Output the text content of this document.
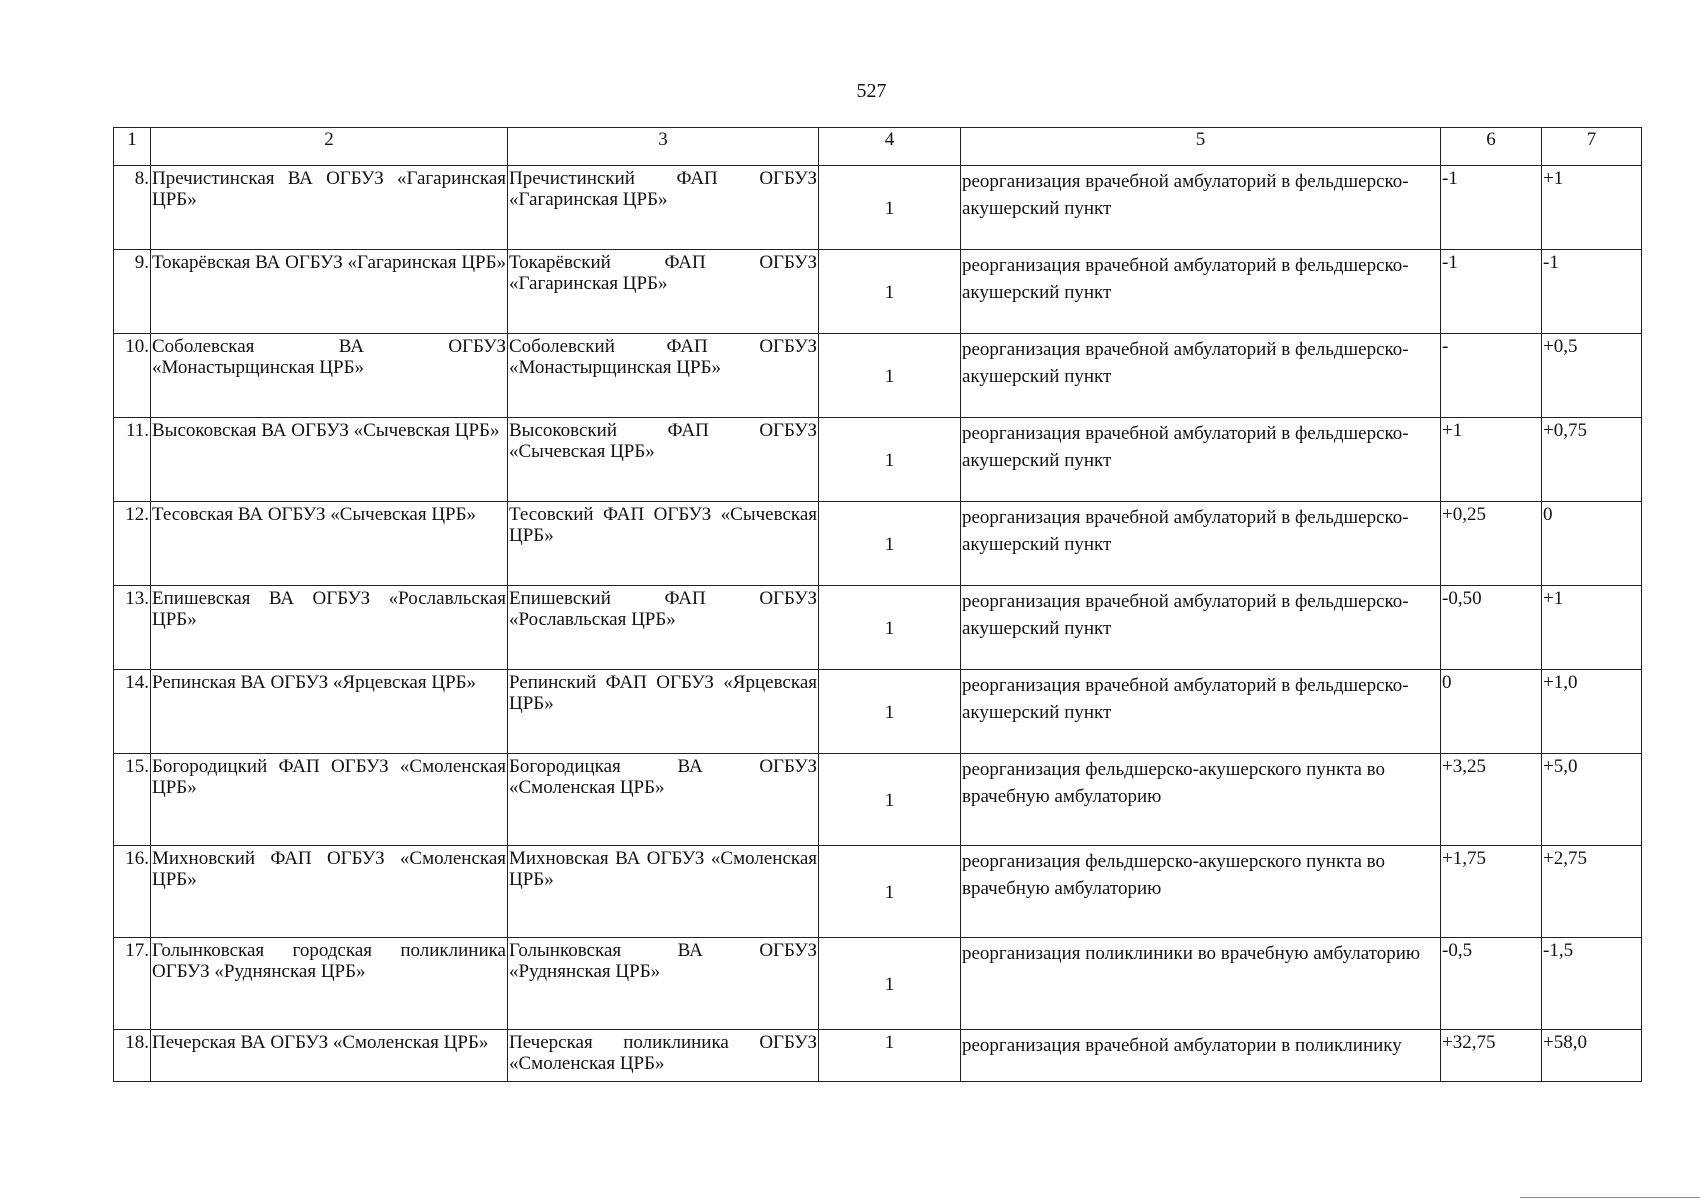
527
1	2	3	4	5	6	7
8.	Пречистинская ВА ОГБУЗ «Гагаринская ЦРБ»	Пречистинский ФАП ОГБУЗ «Гагаринская ЦРБ»	1	реорганизация врачебной амбулаторий в фельдшерско-акушерский пункт	-1	+1
9.	Токарёвская ВА ОГБУЗ «Гагаринская ЦРБ»	Токарёвский ФАП ОГБУЗ «Гагаринская ЦРБ»	1	реорганизация врачебной амбулаторий в фельдшерско-акушерский пункт	-1	-1
10.	Соболевская ВА ОГБУЗ «Монастырщинская ЦРБ»	Соболевский ФАП ОГБУЗ «Монастырщинская ЦРБ»	1	реорганизация врачебной амбулаторий в фельдшерско-акушерский пункт	-	+0,5
11.	Высоковская ВА ОГБУЗ «Сычевская ЦРБ»	Высоковский ФАП ОГБУЗ «Сычевская ЦРБ»	1	реорганизация врачебной амбулаторий в фельдшерско-акушерский пункт	+1	+0,75
12.	Тесовская ВА ОГБУЗ «Сычевская ЦРБ»	Тесовский ФАП ОГБУЗ «Сычевская ЦРБ»	1	реорганизация врачебной амбулаторий в фельдшерско-акушерский пункт	+0,25	0
13.	Епишевская ВА ОГБУЗ «Рославльская ЦРБ»	Епишевский ФАП ОГБУЗ «Рославльская ЦРБ»	1	реорганизация врачебной амбулаторий в фельдшерско-акушерский пункт	-0,50	+1
14.	Репинская ВА ОГБУЗ «Ярцевская ЦРБ»	Репинский ФАП ОГБУЗ «Ярцевская ЦРБ»	1	реорганизация врачебной амбулаторий в фельдшерско-акушерский пункт	0	+1,0
15.	Богородицкий ФАП ОГБУЗ «Смоленская ЦРБ»	Богородицкая ВА ОГБУЗ «Смоленская ЦРБ»	1	реорганизация фельдшерско-акушерского пункта во врачебную амбулаторию	+3,25	+5,0
16.	Михновский ФАП ОГБУЗ «Смоленская ЦРБ»	Михновская ВА ОГБУЗ «Смоленская ЦРБ»	1	реорганизация фельдшерско-акушерского пункта во врачебную амбулаторию	+1,75	+2,75
17.	Голынковская городская поликлиника ОГБУЗ «Руднянская ЦРБ»	Голынковская ВА ОГБУЗ «Руднянская ЦРБ»	1	реорганизация поликлиники во врачебную амбулаторию	-0,5	-1,5
18.	Печерская ВА ОГБУЗ «Смоленская ЦРБ»	Печерская поликлиника ОГБУЗ «Смоленская ЦРБ»	1	реорганизация врачебной амбулатории в поликлинику	+32,75	+58,0
